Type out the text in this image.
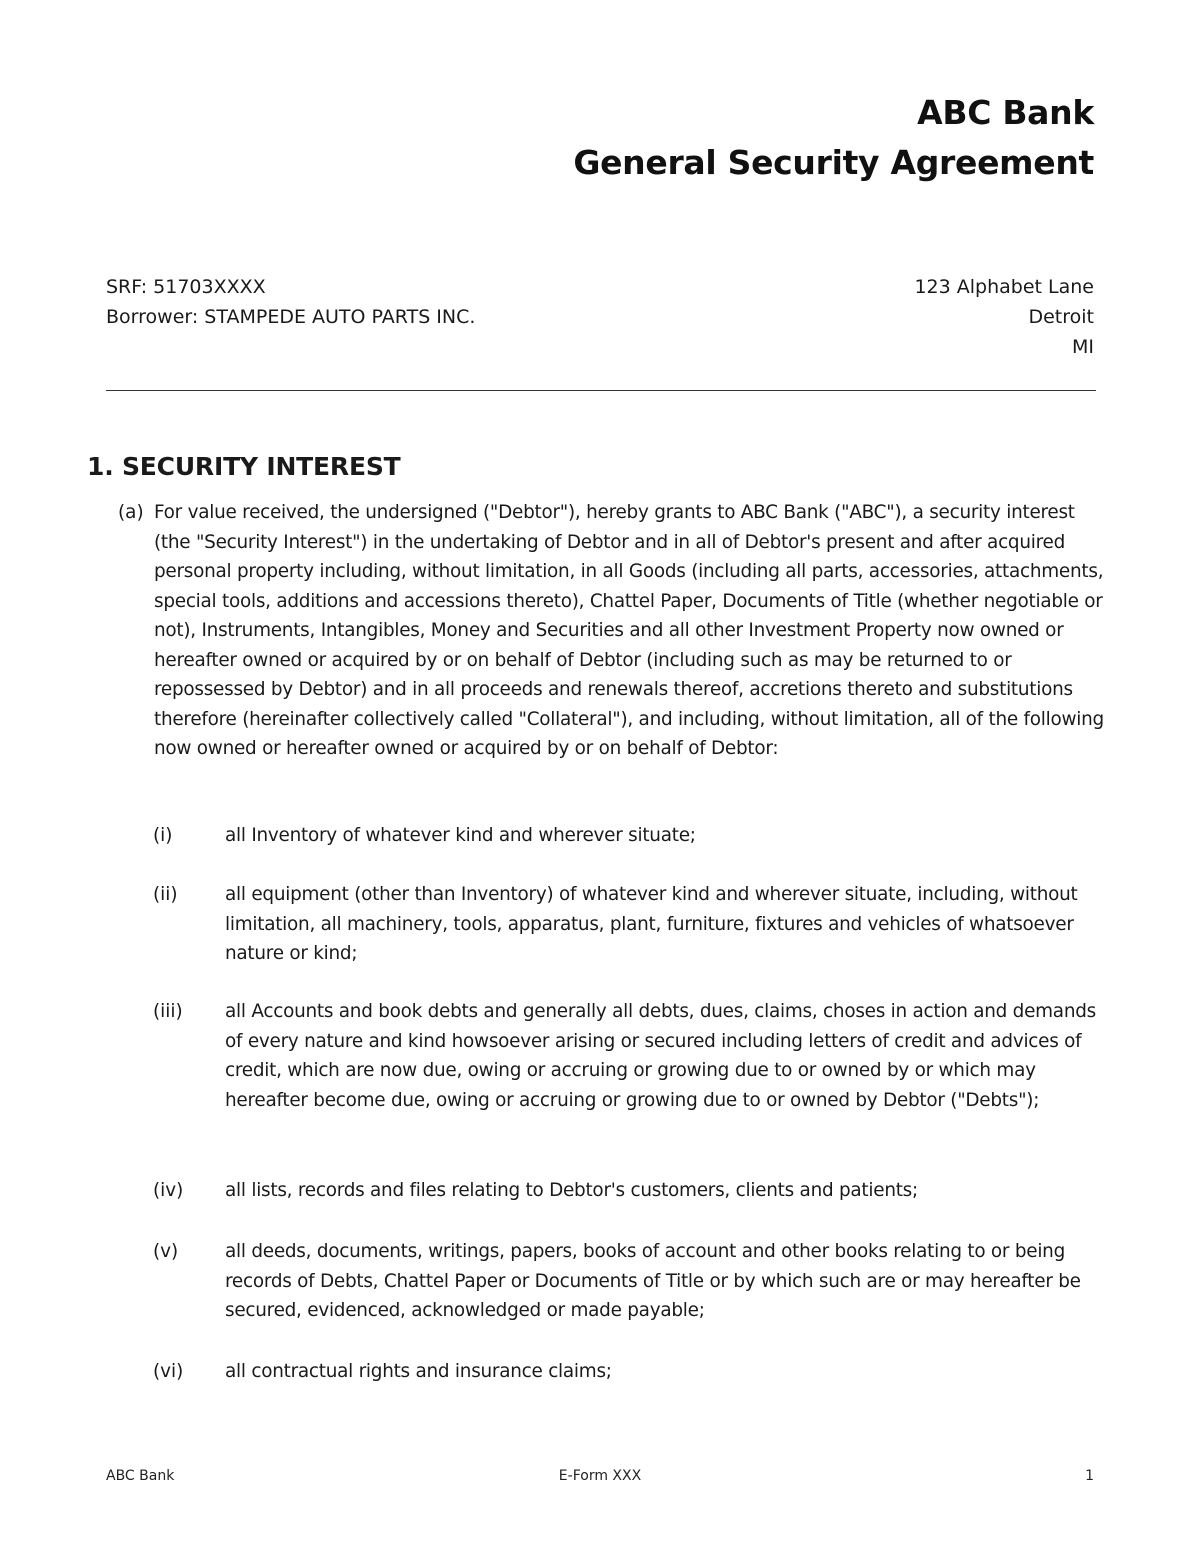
ABC Bank
General Security Agreement
SRF: 51703XXXX
Borrower: STAMPEDE AUTO PARTS INC.
123 Alphabet Lane
Detroit
MI
1. SECURITY INTEREST
(a) For value received, the undersigned ("Debtor"), hereby grants to ABC Bank ("ABC"), a security interest (the "Security Interest") in the undertaking of Debtor and in all of Debtor's present and after acquired personal property including, without limitation, in all Goods (including all parts, accessories, attachments, special tools, additions and accessions thereto), Chattel Paper, Documents of Title (whether negotiable or not), Instruments, Intangibles, Money and Securities and all other Investment Property now owned or hereafter owned or acquired by or on behalf of Debtor (including such as may be returned to or repossessed by Debtor) and in all proceeds and renewals thereof, accretions thereto and substitutions therefore (hereinafter collectively called "Collateral"), and including, without limitation, all of the following now owned or hereafter owned or acquired by or on behalf of Debtor:
(i)	all Inventory of whatever kind and wherever situate;
(ii)	all equipment (other than Inventory) of whatever kind and wherever situate, including, without limitation, all machinery, tools, apparatus, plant, furniture, fixtures and vehicles of whatsoever nature or kind;
(iii) all Accounts and book debts and generally all debts, dues, claims, choses in action and demands of every nature and kind howsoever arising or secured including letters of credit and advices of credit, which are now due, owing or accruing or growing due to or owned by or which may hereafter become due, owing or accruing or growing due to or owned by Debtor ("Debts");
(iv) all lists, records and files relating to Debtor's customers, clients and patients;
(v)	all deeds, documents, writings, papers, books of account and other books relating to or being records of Debts, Chattel Paper or Documents of Title or by which such are or may hereafter be secured, evidenced, acknowledged or made payable;
(vi) all contractual rights and insurance claims;
ABC Bank	E-Form XXX	1
